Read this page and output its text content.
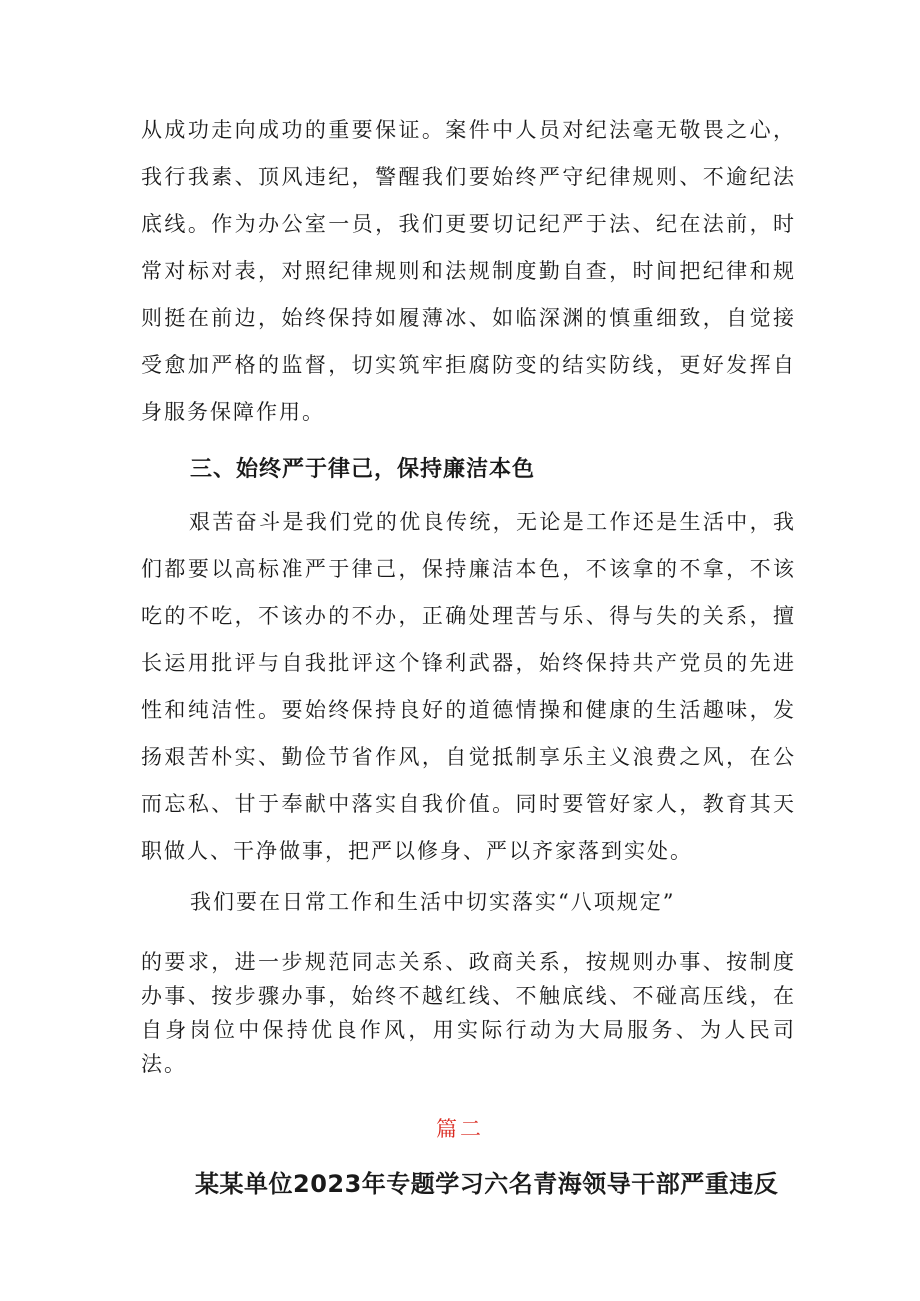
从成功走向成功的重要保证。案件中人员对纪法毫无敬畏之心，我行我素、顶风违纪，警醒我们要始终严守纪律规则、不逾纪法底线。作为办公室一员，我们更要切记纪严于法、纪在法前，时常对标对表，对照纪律规则和法规制度勤自查，时间把纪律和规则挺在前边，始终保持如履薄冰、如临深渊的慎重细致，自觉接受愈加严格的监督，切实筑牢拒腐防变的结实防线，更好发挥自身服务保障作用。

三、始终严于律己，保持廉洁本色

艰苦奋斗是我们党的优良传统，无论是工作还是生活中，我们都要以高标准严于律己，保持廉洁本色，不该拿的不拿，不该吃的不吃，不该办的不办，正确处理苦与乐、得与失的关系，擅长运用批评与自我批评这个锋利武器，始终保持共产党员的先进性和纯洁性。要始终保持良好的道德情操和健康的生活趣味，发扬艰苦朴实、勤俭节省作风，自觉抵制享乐主义浪费之风，在公而忘私、甘于奉献中落实自我价值。同时要管好家人，教育其天职做人、干净做事，把严以修身、严以齐家落到实处。

我们要在日常工作和生活中切实落实“八项规定”

的要求，进一步规范同志关系、政商关系，按规则办事、按制度办事、按步骤办事，始终不越红线、不触底线、不碰高压线，在自身岗位中保持优良作风，用实际行动为大局服务、为人民司法。

篇二

某某单位2023年专题学习六名青海领导干部严重违反
